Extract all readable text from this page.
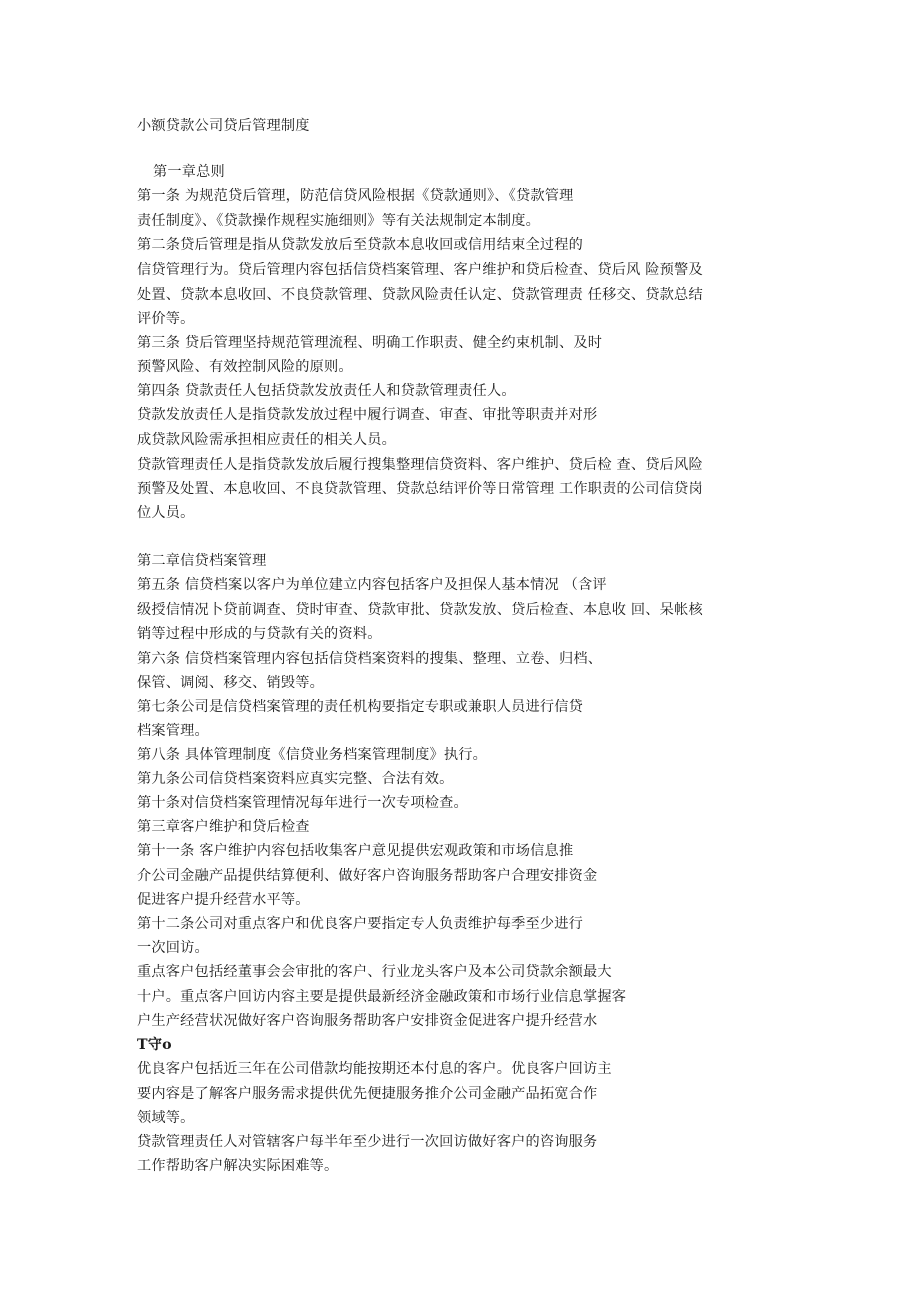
小额贷款公司贷后管理制度
第一章总则
第一条 为规范贷后管理，防范信贷风险根据《贷款通则》、《贷款管理
责任制度》、《贷款操作规程实施细则》等有关法规制定本制度。
第二条贷后管理是指从贷款发放后至贷款本息收回或信用结束全过程的
信贷管理行为。贷后管理内容包括信贷档案管理、客户维护和贷后检查、贷后风 险预警及
处置、贷款本息收回、不良贷款管理、贷款风险责任认定、贷款管理责 任移交、贷款总结
评价等。
第三条 贷后管理坚持规范管理流程、明确工作职责、健全约束机制、及时
预警风险、有效控制风险的原则。
第四条 贷款责任人包括贷款发放责任人和贷款管理责任人。
贷款发放责任人是指贷款发放过程中履行调查、审查、审批等职责并对形
成贷款风险需承担相应责任的相关人员。
贷款管理责任人是指贷款发放后履行搜集整理信贷资料、客户维护、贷后检 查、贷后风险
预警及处置、本息收回、不良贷款管理、贷款总结评价等日常管理 工作职责的公司信贷岗
位人员。
第二章信贷档案管理
第五条 信贷档案以客户为单位建立内容包括客户及担保人基本情况 （含评
级授信情况卜贷前调查、贷时审查、贷款审批、贷款发放、贷后检查、本息收 回、呆帐核
销等过程中形成的与贷款有关的资料。
第六条 信贷档案管理内容包括信贷档案资料的搜集、整理、立卷、归档、
保管、调阅、移交、销毁等。
第七条公司是信贷档案管理的责任机构要指定专职或兼职人员进行信贷
档案管理。
第八条 具体管理制度《信贷业务档案管理制度》执行。
第九条公司信贷档案资料应真实完整、合法有效。
第十条对信贷档案管理情况每年进行一次专项检查。
第三章客户维护和贷后检查
第十一条 客户维护内容包括收集客户意见提供宏观政策和市场信息推
介公司金融产品提供结算便利、做好客户咨询服务帮助客户合理安排资金
促进客户提升经营水平等。
第十二条公司对重点客户和优良客户要指定专人负责维护每季至少进行
一次回访。
重点客户包括经董事会会审批的客户、行业龙头客户及本公司贷款余额最大
十户。重点客户回访内容主要是提供最新经济金融政策和市场行业信息掌握客
户生产经营状况做好客户咨询服务帮助客户安排资金促进客户提升经营水
T守o
优良客户包括近三年在公司借款均能按期还本付息的客户。优良客户回访主
要内容是了解客户服务需求提供优先便捷服务推介公司金融产品拓宽合作
领域等。
贷款管理责任人对管辖客户每半年至少进行一次回访做好客户的咨询服务
工作帮助客户解决实际困难等。
